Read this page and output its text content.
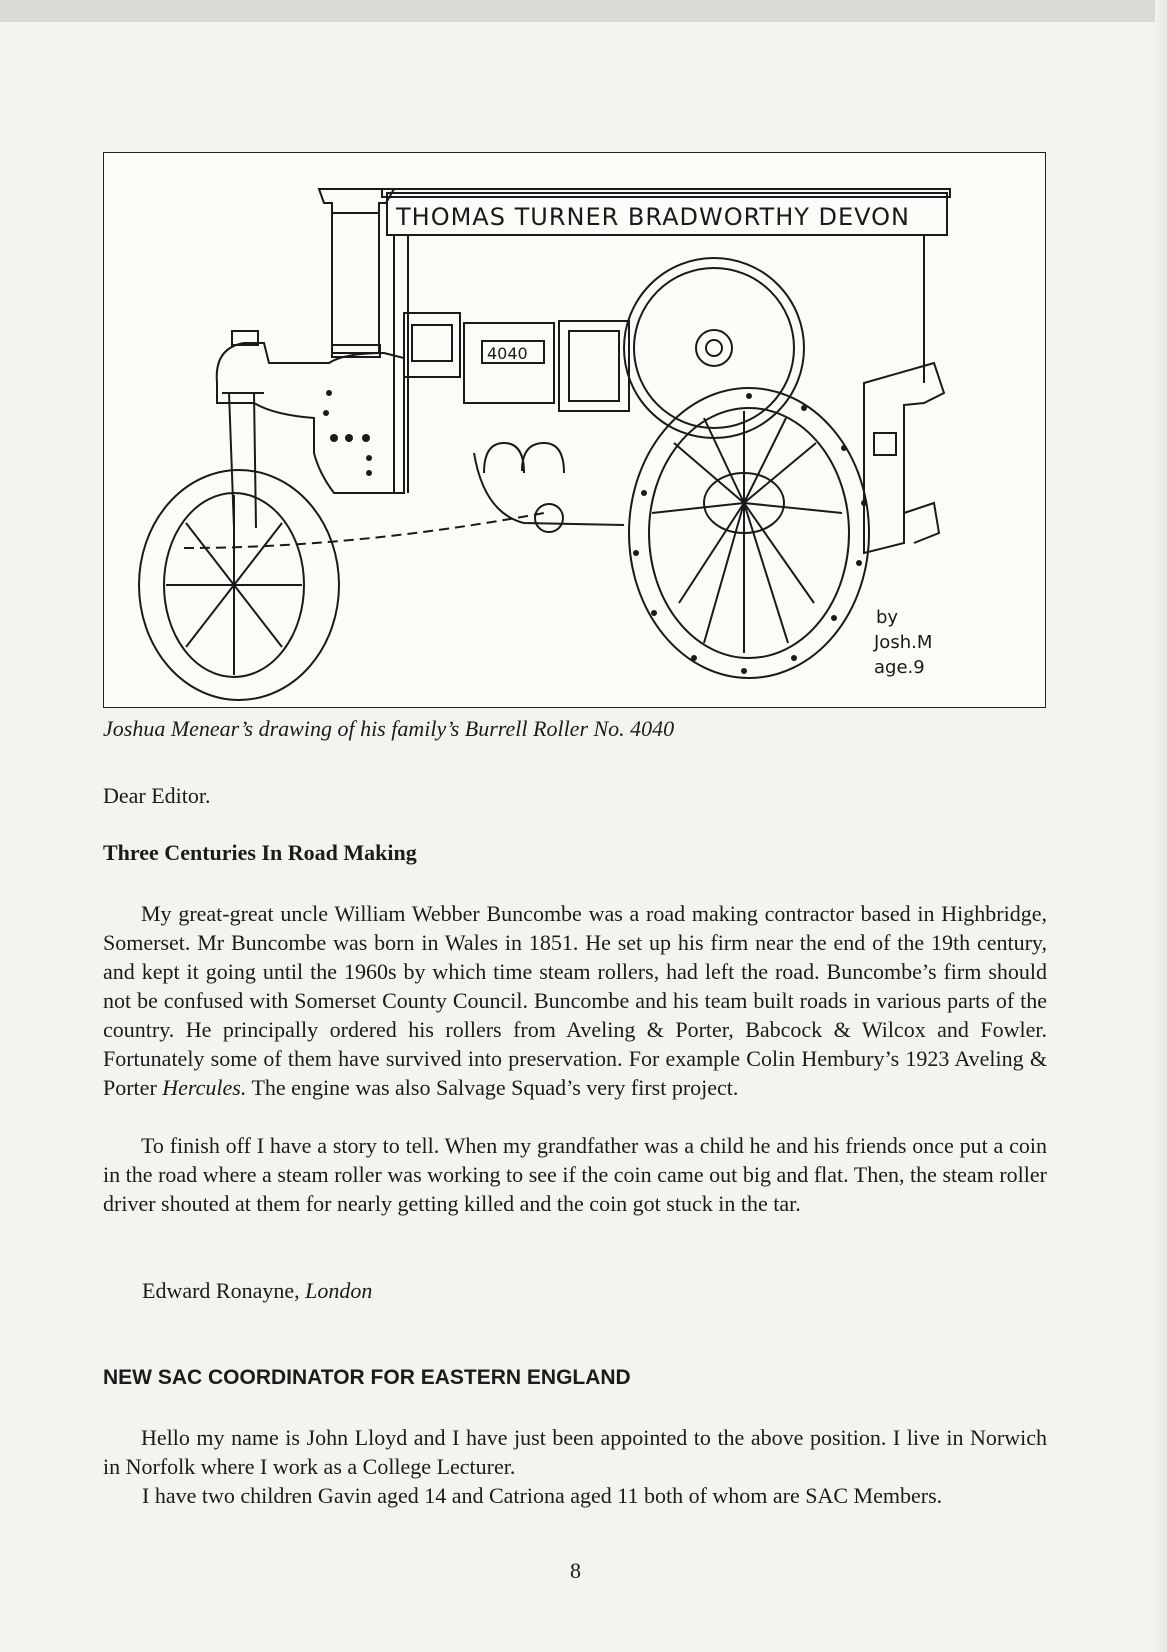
THOMAS TURNER BRADWORTHY DEVON
4040
by
Josh.M
age.9
Joshua Menear’s drawing of his family’s Burrell Roller No. 4040
Dear Editor.
Three Centuries In Road Making

My great-great uncle William Webber Buncombe was a road making contractor based in Highbridge, Somerset. Mr Buncombe was born in Wales in 1851. He set up his firm near the end of the 19th century, and kept it going until the 1960s by which time steam rollers, had left the road. Buncombe’s firm should not be confused with Somerset County Council. Buncombe and his team built roads in various parts of the country. He principally ordered his rollers from Aveling & Porter, Babcock & Wilcox and Fowler. Fortunately some of them have survived into preservation. For example Colin Hembury’s 1923 Aveling & Porter Hercules. The engine was also Salvage Squad’s very first project.

To finish off I have a story to tell. When my grandfather was a child he and his friends once put a coin in the road where a steam roller was working to see if the coin came out big and flat. Then, the steam roller driver shouted at them for nearly getting killed and the coin got stuck in the tar.

Edward Ronayne, London
NEW SAC COORDINATOR FOR EASTERN ENGLAND

Hello my name is John Lloyd and I have just been appointed to the above position. I live in Norwich in Norfolk where I work as a College Lecturer.

I have two children Gavin aged 14 and Catriona aged 11 both of whom are SAC Members.

8
